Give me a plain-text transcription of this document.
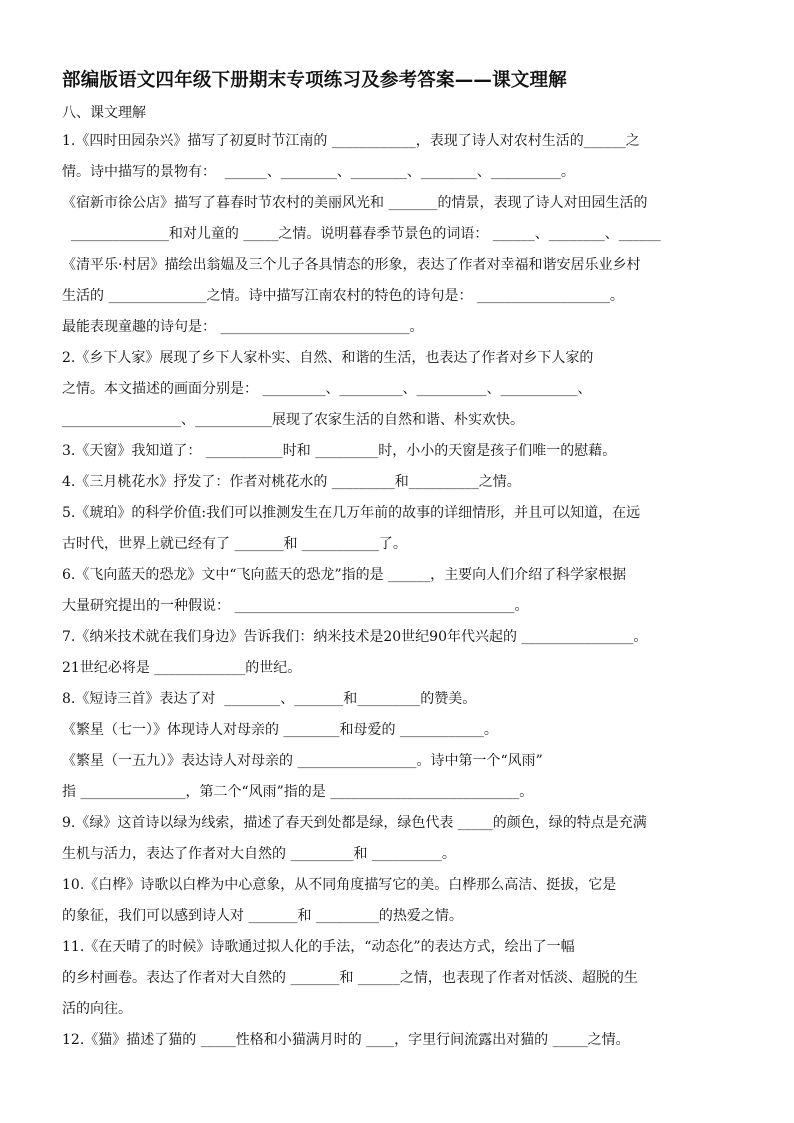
部编版语文四年级下册期末专项练习及参考答案——课文理解
八、课文理解
1.《四时田园杂兴》描写了初夏时节江南的 ____________，表现了诗人对农村生活的______之
情。诗中描写的景物有：  ______、________、________、________、__________。
《宿新市徐公店》描写了暮春时节农村的美丽风光和 _______的情景，表现了诗人对田园生活的
______________和对儿童的 _____之情。说明暮春季节景色的词语： ______、________、______
《清平乐·村居》描绘出翁媪及三个儿子各具情态的形象，表达了作者对幸福和谐安居乐业乡村
生活的 ______________之情。诗中描写江南农村的特色的诗句是： ___________________。
最能表现童趣的诗句是： ___________________________。
2.《乡下人家》展现了乡下人家朴实、自然、和谐的生活，也表达了作者对乡下人家的
之情。本文描述的画面分别是： _________、_________、__________、___________、
_________________、___________展现了农家生活的自然和谐、朴实欢快。
3.《天窗》我知道了： ___________时和 _________时，小小的天窗是孩子们唯一的慰藉。
4.《三月桃花水》抒发了：作者对桃花水的 _________和__________之情。
5.《琥珀》的科学价值:我们可以推测发生在几万年前的故事的详细情形，并且可以知道，在远
古时代，世界上就已经有了 _______和 ___________了。
6.《飞向蓝天的恐龙》文中“飞向蓝天的恐龙”指的是 ______，主要向人们介绍了科学家根据
大量研究提出的一种假说： ________________________________________。
7.《纳米技术就在我们身边》告诉我们：纳米技术是20世纪90年代兴起的 ________________。
21世纪必将是 _____________的世纪。
8.《短诗三首》表达了对  ________、_______和_________的赞美。
《繁星（七一）》体现诗人对母亲的 ________和母爱的 ____________。
《繁星（一五九）》表达诗人对母亲的 _________________。诗中第一个“风雨”
指 _______________，第二个“风雨”指的是 ___________________________。
9.《绿》这首诗以绿为线索，描述了春天到处都是绿，绿色代表 _____的颜色，绿的特点是充满
生机与活力，表达了作者对大自然的 _________和 __________。
10.《白桦》诗歌以白桦为中心意象，从不同角度描写它的美。白桦那么高洁、挺拔，它是
的象征，我们可以感到诗人对 _______和 _________的热爱之情。
11.《在天晴了的时候》诗歌通过拟人化的手法，“动态化”的表达方式，绘出了一幅
的乡村画卷。表达了作者对大自然的 _______和 ______之情，也表现了作者对恬淡、超脱的生
活的向往。
12.《猫》描述了猫的 _____性格和小猫满月时的 ____，字里行间流露出对猫的 _____之情。
